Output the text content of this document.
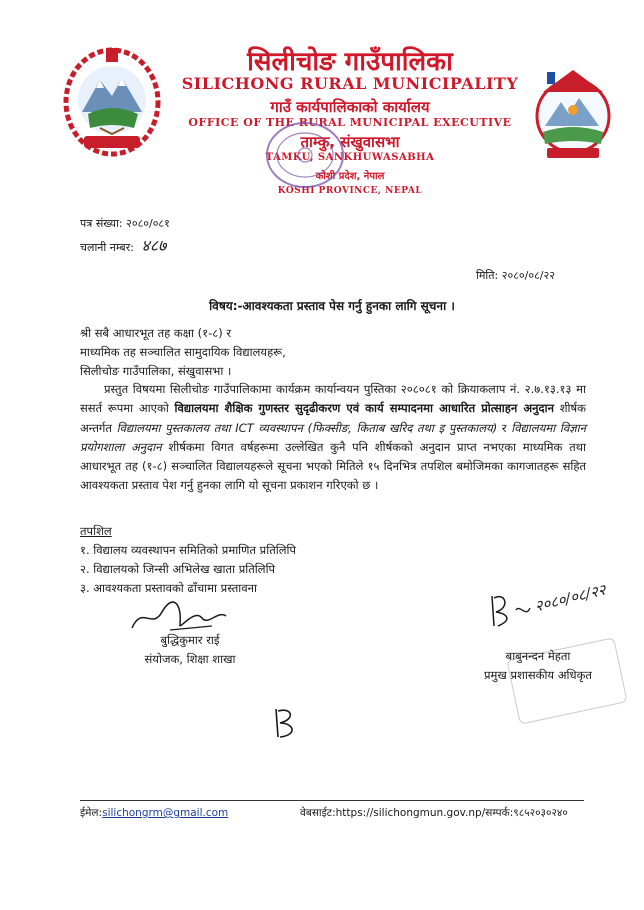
सिलीचोङ गाउँपालिका
SILICHONG RURAL MUNICIPALITY
गाउँ कार्यपालिकाको कार्यालय
OFFICE OF THE RURAL MUNICIPAL EXECUTIVE
ताम्कु, संखुवासभा
TAMKU, SANKHUWASABHA
कोशी प्रदेश, नेपाल
KOSHI PROVINCE, NEPAL
पत्र संख्या: २०८०/०८१
चलानी नम्बर: ४८७
मिति: २०८०/०८/२२
विषय:-आवश्यकता प्रस्ताव पेस गर्नु हुनका लागि सूचना ।
श्री सबै आधारभूत तह कक्षा (१-८) र
माध्यमिक तह सञ्चालित सामुदायिक विद्यालयहरू,
सिलीचोङ गाउँपालिका, संखुवासभा ।
प्रस्तुत विषयमा सिलीचोङ गाउँपालिकामा कार्यक्रम कार्यान्वयन पुस्तिका २०८०८१ को क्रियाकलाप नं. २.७.१३.१३ मा ससर्त रूपमा आएको विद्यालयमा शैक्षिक गुणस्तर सुदृढीकरण एवं कार्य सम्पादनमा आधारित प्रोत्साहन अनुदान शीर्षक अन्तर्गत विद्यालयमा पुस्तकालय तथा ICT व्यवस्थापन (फिक्सीङ, किताब खरिद तथा इ पुस्तकालय) र विद्यालयमा विज्ञान प्रयोगशाला अनुदान शीर्षकमा विगत वर्षहरूमा उल्लेखित कुनै पनि शीर्षकको अनुदान प्राप्त नभएका माध्यमिक तथा आधारभूत तह (१-८) सञ्चालित विद्यालयहरूले सूचना भएको मितिले १५ दिनभित्र तपशिल बमोजिमका कागजातहरू सहित आवश्यकता प्रस्ताव पेश गर्नु हुनका लागि यो सूचना प्रकाशन गरिएको छ ।
तपशिल
१. विद्यालय व्यवस्थापन समितिको प्रमाणित प्रतिलिपि
२. विद्यालयको जिन्सी अभिलेख खाता प्रतिलिपि
३. आवश्यकता प्रस्तावको ढाँचामा प्रस्तावना
बुद्धिकुमार राई
संयोजक, शिक्षा शाखा
२०८०/०८/२२
बाबुनन्दन मेहता
प्रमुख प्रशासकीय अधिकृत
ईमेल:silichongrm@gmail.com	वेबसाईट:https://silichongmun.gov.np/सम्पर्क:९८५२०३०२४०
